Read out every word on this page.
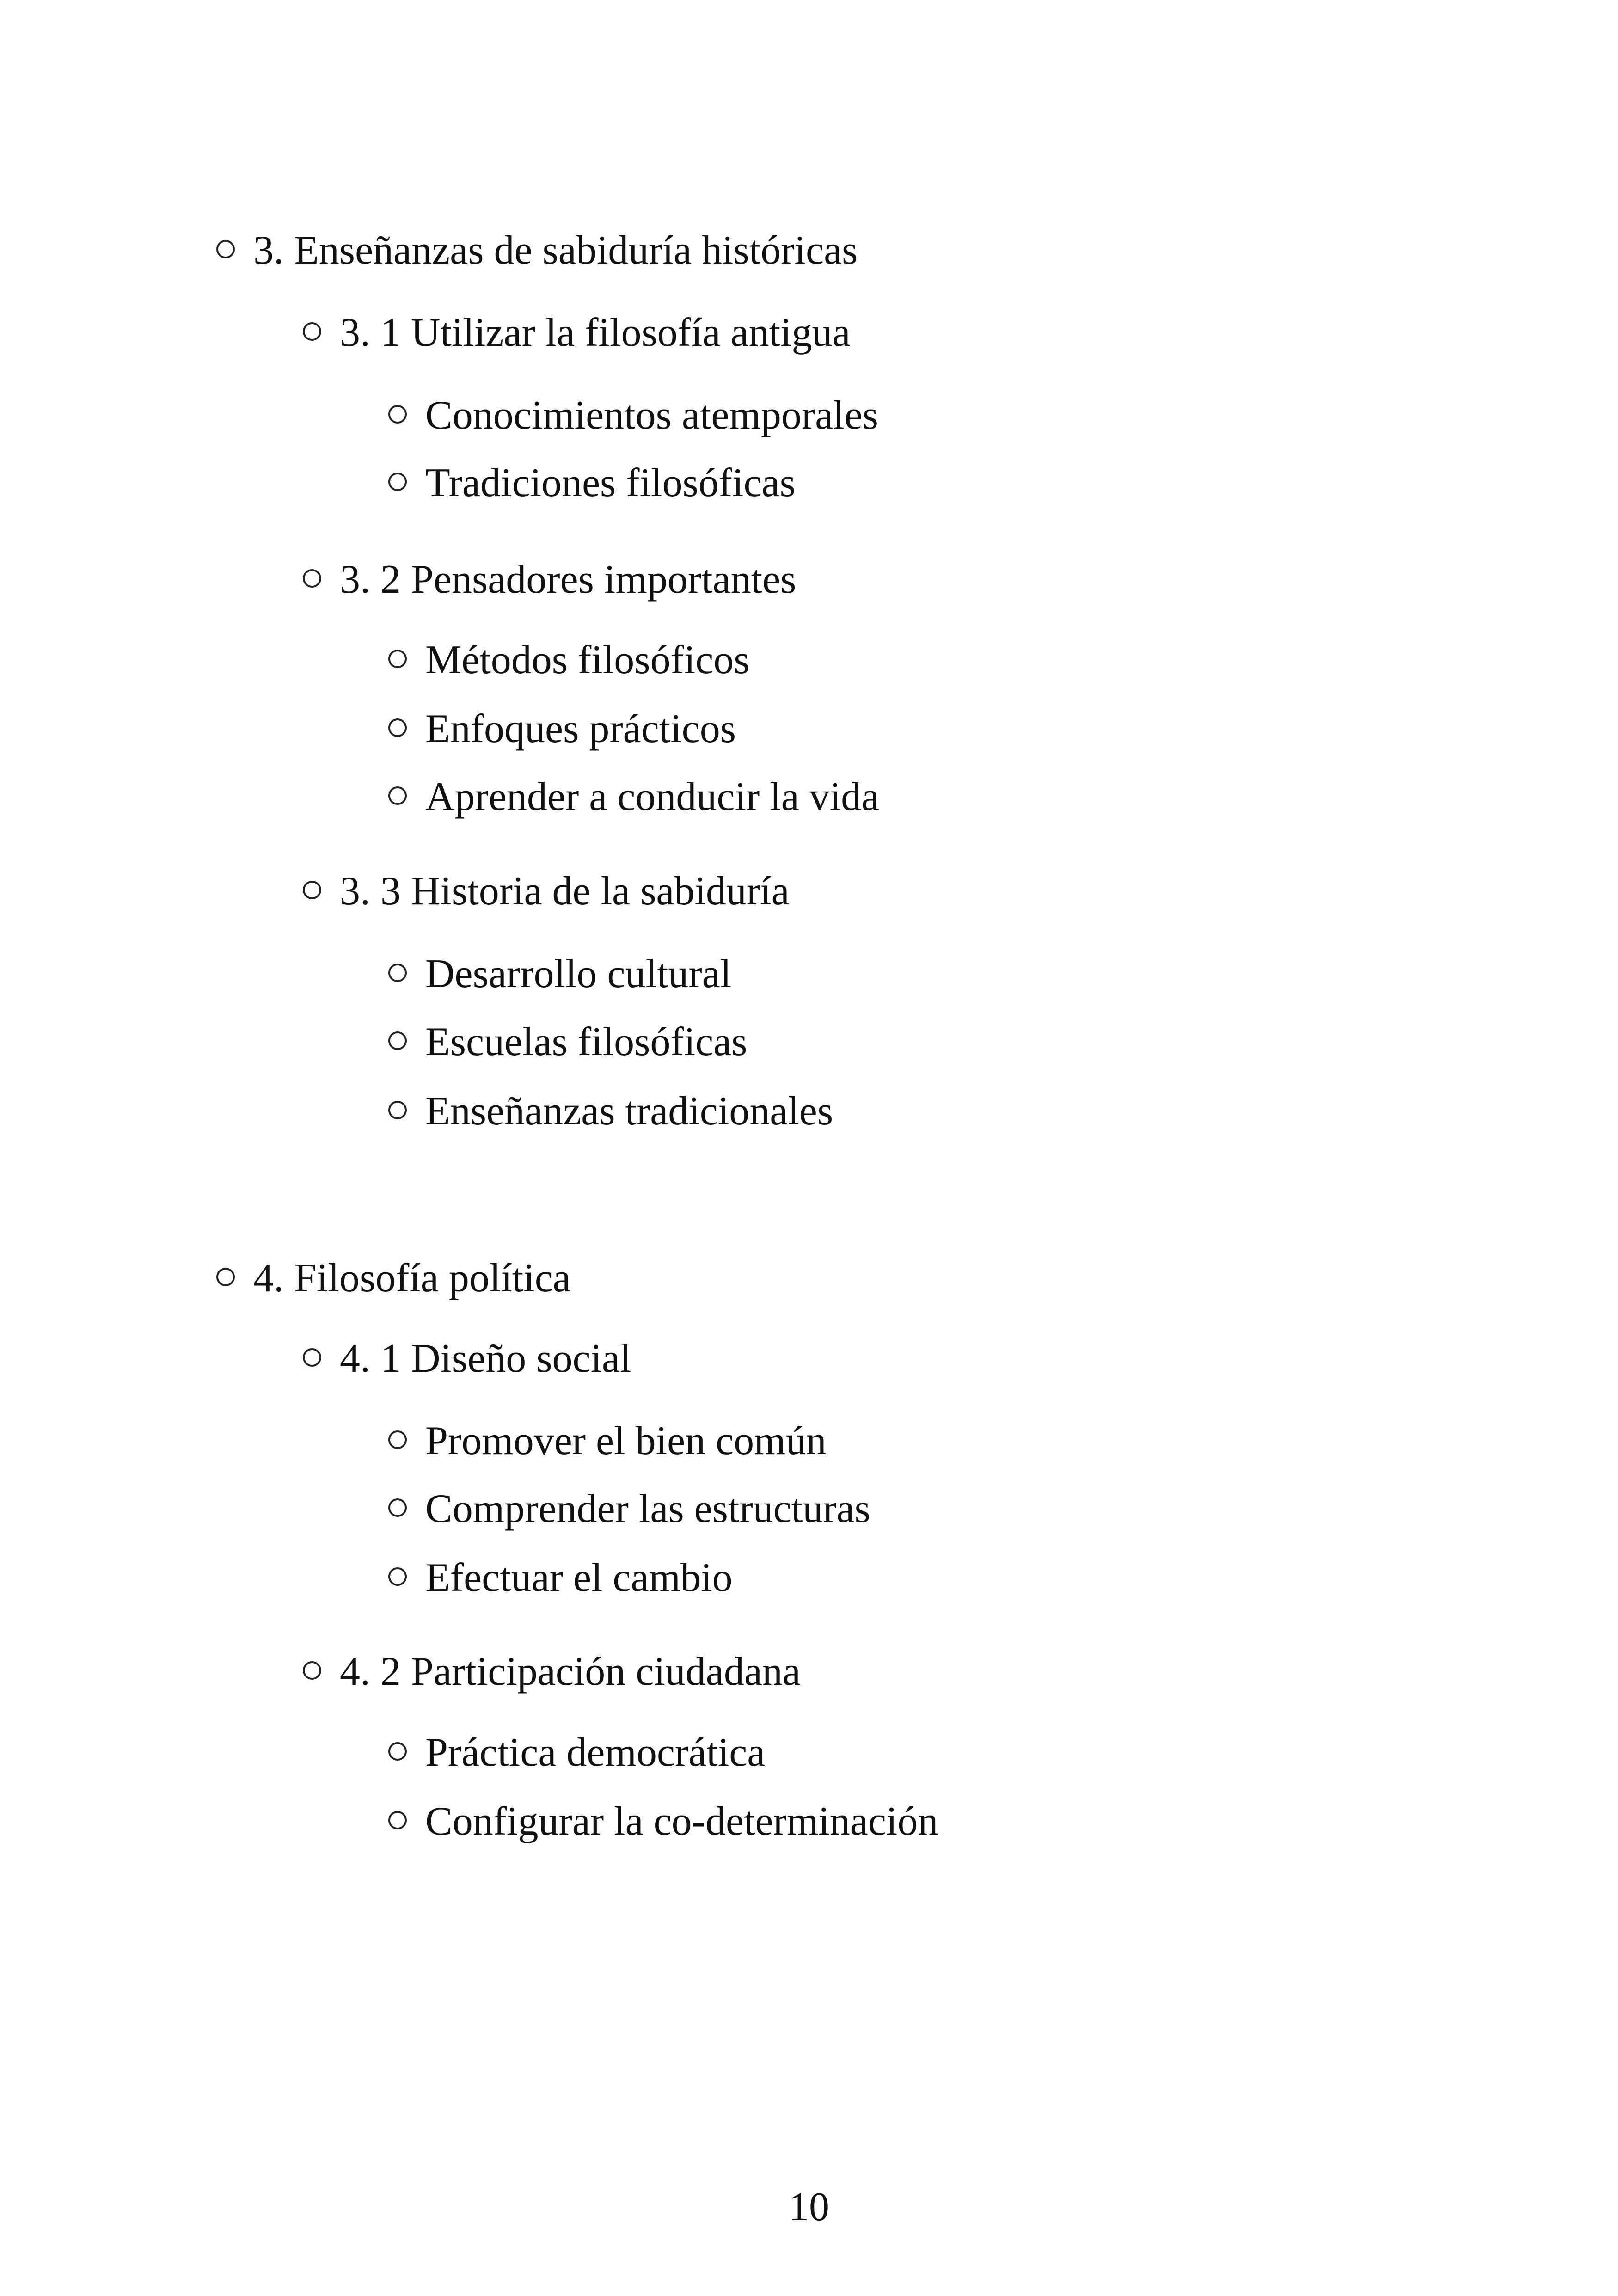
3. Enseñanzas de sabiduría históricas
3. 1 Utilizar la filosofía antigua
Conocimientos atemporales
Tradiciones filosóficas
3. 2 Pensadores importantes
Métodos filosóficos
Enfoques prácticos
Aprender a conducir la vida
3. 3 Historia de la sabiduría
Desarrollo cultural
Escuelas filosóficas
Enseñanzas tradicionales
4. Filosofía política
4. 1 Diseño social
Promover el bien común
Comprender las estructuras
Efectuar el cambio
4. 2 Participación ciudadana
Práctica democrática
Configurar la co-determinación
10
